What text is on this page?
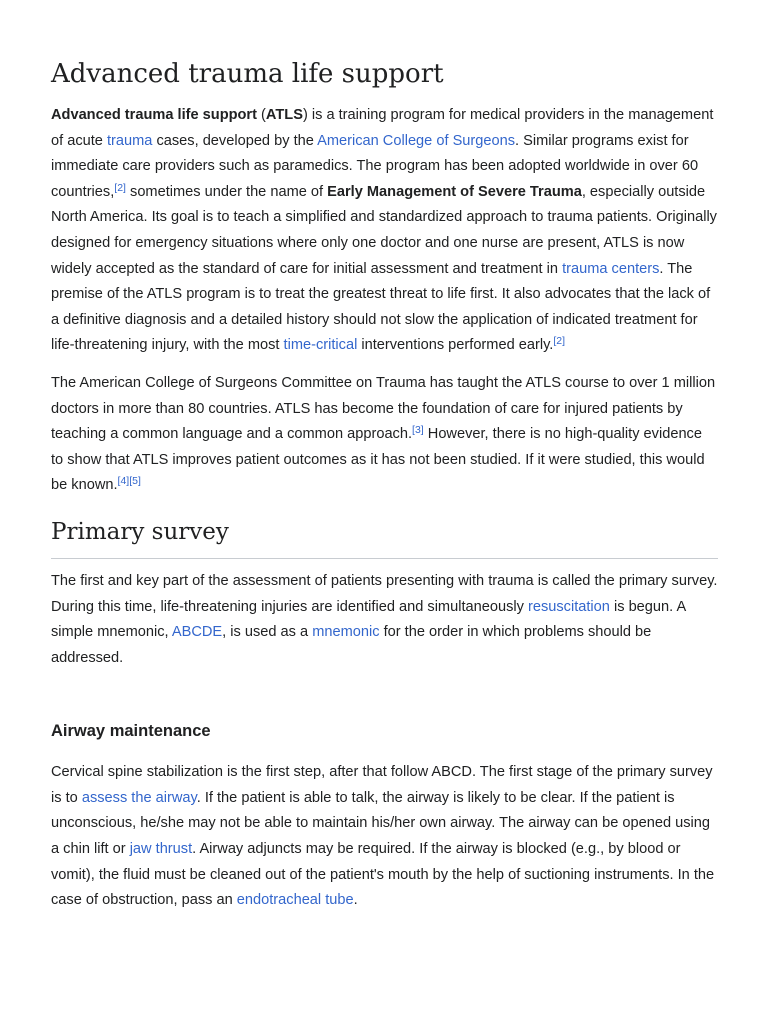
Advanced trauma life support

Advanced trauma life support (ATLS) is a training program for medical providers in the management of acute trauma cases, developed by the American College of Surgeons. Similar programs exist for immediate care providers such as paramedics. The program has been adopted worldwide in over 60 countries,[2] sometimes under the name of Early Management of Severe Trauma, especially outside North America. Its goal is to teach a simplified and standardized approach to trauma patients. Originally designed for emergency situations where only one doctor and one nurse are present, ATLS is now widely accepted as the standard of care for initial assessment and treatment in trauma centers. The premise of the ATLS program is to treat the greatest threat to life first. It also advocates that the lack of a definitive diagnosis and a detailed history should not slow the application of indicated treatment for life-threatening injury, with the most time-critical interventions performed early.[2]

The American College of Surgeons Committee on Trauma has taught the ATLS course to over 1 million doctors in more than 80 countries. ATLS has become the foundation of care for injured patients by teaching a common language and a common approach.[3] However, there is no high-quality evidence to show that ATLS improves patient outcomes as it has not been studied. If it were studied, this would be known.[4][5]

Primary survey

The first and key part of the assessment of patients presenting with trauma is called the primary survey. During this time, life-threatening injuries are identified and simultaneously resuscitation is begun. A simple mnemonic, ABCDE, is used as a mnemonic for the order in which problems should be addressed.

Airway maintenance

Cervical spine stabilization is the first step, after that follow ABCD. The first stage of the primary survey is to assess the airway. If the patient is able to talk, the airway is likely to be clear. If the patient is unconscious, he/she may not be able to maintain his/her own airway. The airway can be opened using a chin lift or jaw thrust. Airway adjuncts may be required. If the airway is blocked (e.g., by blood or vomit), the fluid must be cleaned out of the patient's mouth by the help of suctioning instruments. In the case of obstruction, pass an endotracheal tube.
